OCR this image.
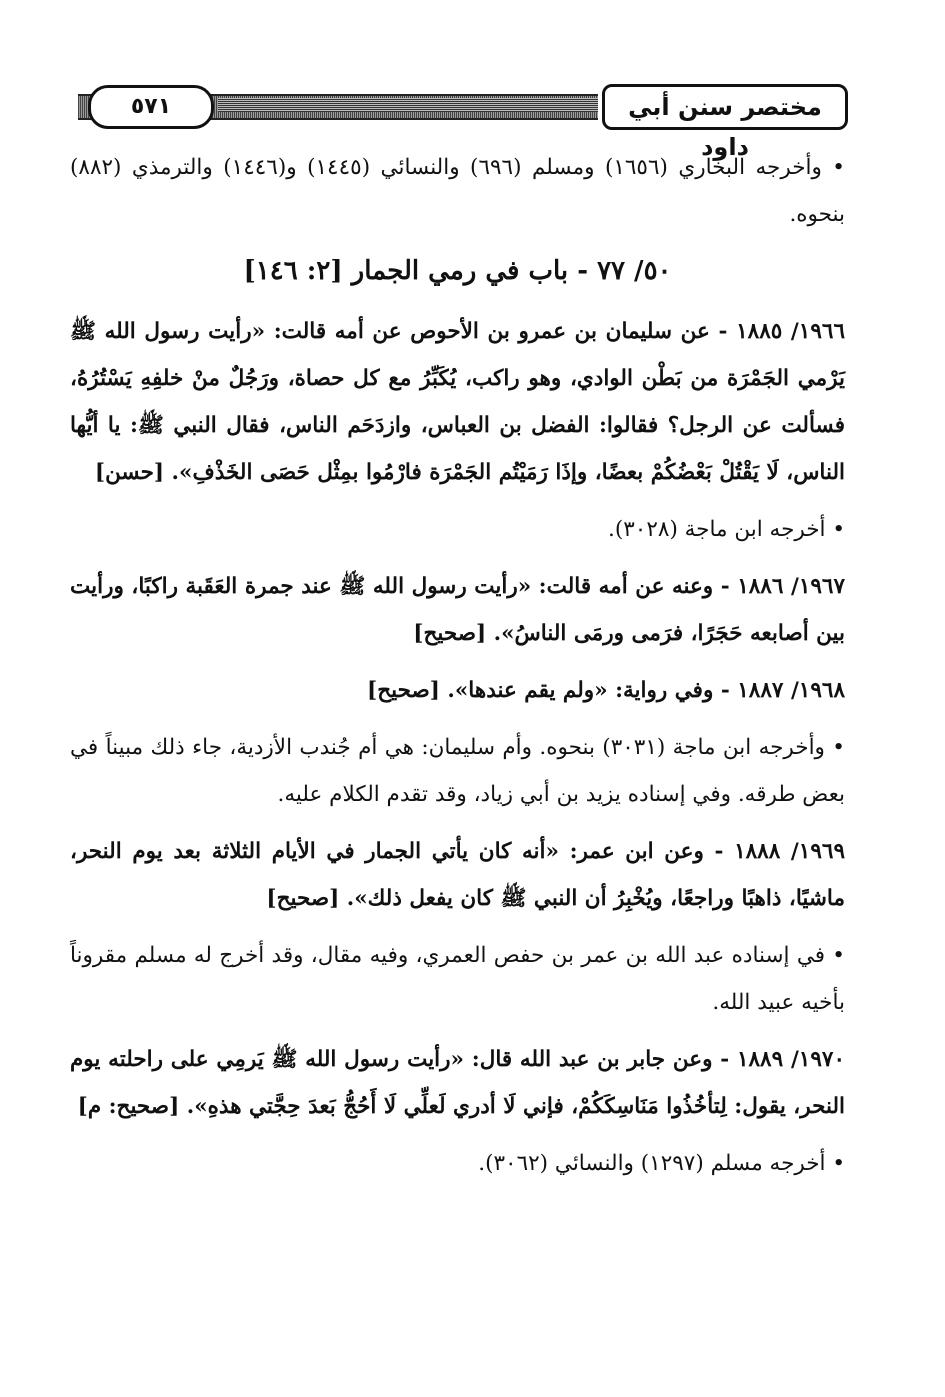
٥٧١	مختصر سنن أبي داود

• وأخرجه البخاري (١٦٥٦) ومسلم (٦٩٦) والنسائي (١٤٤٥) و(١٤٤٦) والترمذي (٨٨٢) بنحوه.

٥٠/ ٧٧ - باب في رمي الجمار [٢: ١٤٦]

١٩٦٦/ ١٨٨٥ - عن سليمان بن عمرو بن الأحوص عن أمه قالت: «رأيت رسول الله ﷺ يَرْمي الجَمْرَة من بَطْن الوادي، وهو راكب، يُكَبِّرُ مع كل حصاة، ورَجُلٌ منْ خلفِهِ يَسْتُرُهُ، فسألت عن الرجل؟ فقالوا: الفضل بن العباس، وازدَحَم الناس، فقال النبي ﷺ: يا أيُّها الناس، لَا يَقْتُلْ بَعْضُكُمْ بعضًا، وإذَا رَمَيْتُم الجَمْرَة فارْمُوا بمِثْل حَصَى الخَذْفِ». [حسن]

• أخرجه ابن ماجة (٣٠٢٨).

١٩٦٧/ ١٨٨٦ - وعنه عن أمه قالت: «رأيت رسول الله ﷺ عند جمرة العَقَبة راكبًا، ورأيت بين أصابعه حَجَرًا، فرَمى ورمَى الناسُ». [صحيح]

١٩٦٨/ ١٨٨٧ - وفي رواية: «ولم يقم عندها». [صحيح]

• وأخرجه ابن ماجة (٣٠٣١) بنحوه. وأم سليمان: هي أم جُندب الأزدية، جاء ذلك مبيناً في بعض طرقه. وفي إسناده يزيد بن أبي زياد، وقد تقدم الكلام عليه.

١٩٦٩/ ١٨٨٨ - وعن ابن عمر: «أنه كان يأتي الجمار في الأيام الثلاثة بعد يوم النحر، ماشيًا، ذاهبًا وراجعًا، ويُخْبِرُ أن النبي ﷺ كان يفعل ذلك». [صحيح]

• في إسناده عبد الله بن عمر بن حفص العمري، وفيه مقال، وقد أخرج له مسلم مقروناً بأخيه عبيد الله.

١٩٧٠/ ١٨٨٩ - وعن جابر بن عبد الله قال: «رأيت رسول الله ﷺ يَرمِي على راحلته يوم النحر، يقول: لِتأخُذُوا مَنَاسِكَكُمْ، فإني لَا أدري لَعلِّي لَا أَحُجُّ بَعدَ حِجَّتي هذهِ». [صحيح: م]

• أخرجه مسلم (١٢٩٧) والنسائي (٣٠٦٢).
